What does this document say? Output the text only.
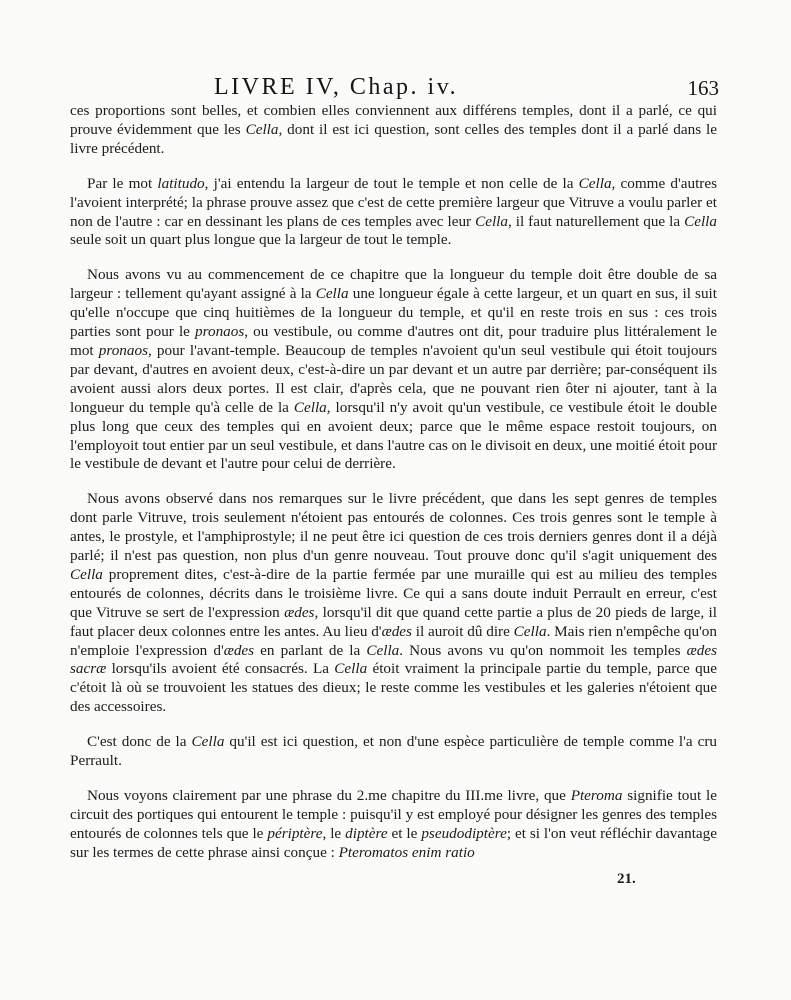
LIVRE IV, Chap. iv.	163

ces proportions sont belles, et combien elles conviennent aux différens temples, dont il a parlé, ce qui prouve évidemment que les Cella, dont il est ici question, sont celles des temples dont il a parlé dans le livre précédent.

Par le mot latitudo, j'ai entendu la largeur de tout le temple et non celle de la Cella, comme d'autres l'avoient interprété; la phrase prouve assez que c'est de cette première largeur que Vitruve a voulu parler et non de l'autre : car en dessinant les plans de ces temples avec leur Cella, il faut naturellement que la Cella seule soit un quart plus longue que la largeur de tout le temple.

Nous avons vu au commencement de ce chapitre que la longueur du temple doit être double de sa largeur : tellement qu'ayant assigné à la Cella une longueur égale à cette largeur, et un quart en sus, il suit qu'elle n'occupe que cinq huitièmes de la longueur du temple, et qu'il en reste trois en sus : ces trois parties sont pour le pronaos, ou vestibule, ou comme d'autres ont dit, pour traduire plus littéralement le mot pronaos, pour l'avant-temple. Beaucoup de temples n'avoient qu'un seul vestibule qui étoit toujours par devant, d'autres en avoient deux, c'est-à-dire un par devant et un autre par derrière; par-conséquent ils avoient aussi alors deux portes. Il est clair, d'après cela, que ne pouvant rien ôter ni ajouter, tant à la longueur du temple qu'à celle de la Cella, lorsqu'il n'y avoit qu'un vestibule, ce vestibule étoit le double plus long que ceux des temples qui en avoient deux; parce que le même espace restoit toujours, on l'employoit tout entier par un seul vestibule, et dans l'autre cas on le divisoit en deux, une moitié étoit pour le vestibule de devant et l'autre pour celui de derrière.

Nous avons observé dans nos remarques sur le livre précédent, que dans les sept genres de temples dont parle Vitruve, trois seulement n'étoient pas entourés de colonnes. Ces trois genres sont le temple à antes, le prostyle, et l'amphiprostyle; il ne peut être ici question de ces trois derniers genres dont il a déjà parlé; il n'est pas question, non plus d'un genre nouveau. Tout prouve donc qu'il s'agit uniquement des Cella proprement dites, c'est-à-dire de la partie fermée par une muraille qui est au milieu des temples entourés de colonnes, décrits dans le troisième livre. Ce qui a sans doute induit Perrault en erreur, c'est que Vitruve se sert de l'expression ædes, lorsqu'il dit que quand cette partie a plus de 20 pieds de large, il faut placer deux colonnes entre les antes. Au lieu d'ædes il auroit dû dire Cella. Mais rien n'empêche qu'on n'emploie l'expression d'ædes en parlant de la Cella. Nous avons vu qu'on nommoit les temples ædes sacræ lorsqu'ils avoient été consacrés. La Cella étoit vraiment la principale partie du temple, parce que c'étoit là où se trouvoient les statues des dieux; le reste comme les vestibules et les galeries n'étoient que des accessoires.

C'est donc de la Cella qu'il est ici question, et non d'une espèce particulière de temple comme l'a cru Perrault.

Nous voyons clairement par une phrase du 2.me chapitre du III.me livre, que Pteroma signifie tout le circuit des portiques qui entourent le temple : puisqu'il y est employé pour désigner les genres des temples entourés de colonnes tels que le périptère, le diptère et le pseudodiptère; et si l'on veut réfléchir davantage sur les termes de cette phrase ainsi conçue : Pteromatos enim ratio

21.
